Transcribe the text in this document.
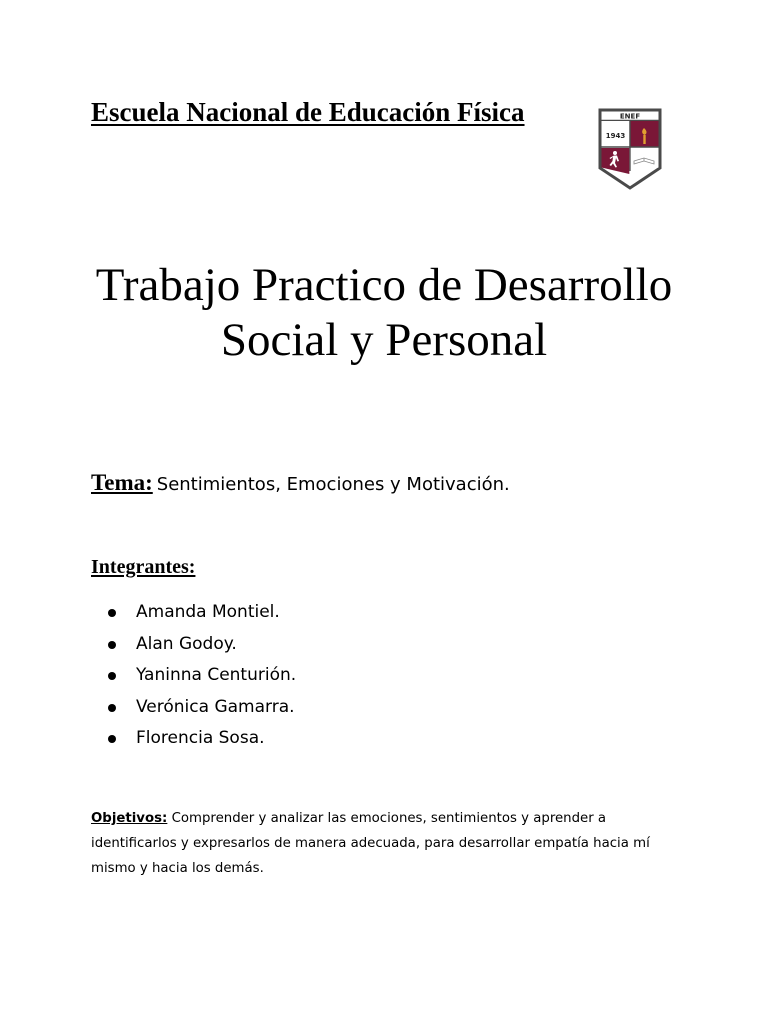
Escuela Nacional de Educación Física	ENEF
1943
Trabajo Practico de Desarrollo
Social y Personal

Tema: Sentimientos, Emociones y Motivación.

Integrantes:
Amanda Montiel.
Alan Godoy.
Yaninna Centurión.
Verónica Gamarra.
Florencia Sosa.

Objetivos: Comprender y analizar las emociones, sentimientos y aprender a identificarlos y expresarlos de manera adecuada, para desarrollar empatía hacia mí mismo y hacia los demás.
